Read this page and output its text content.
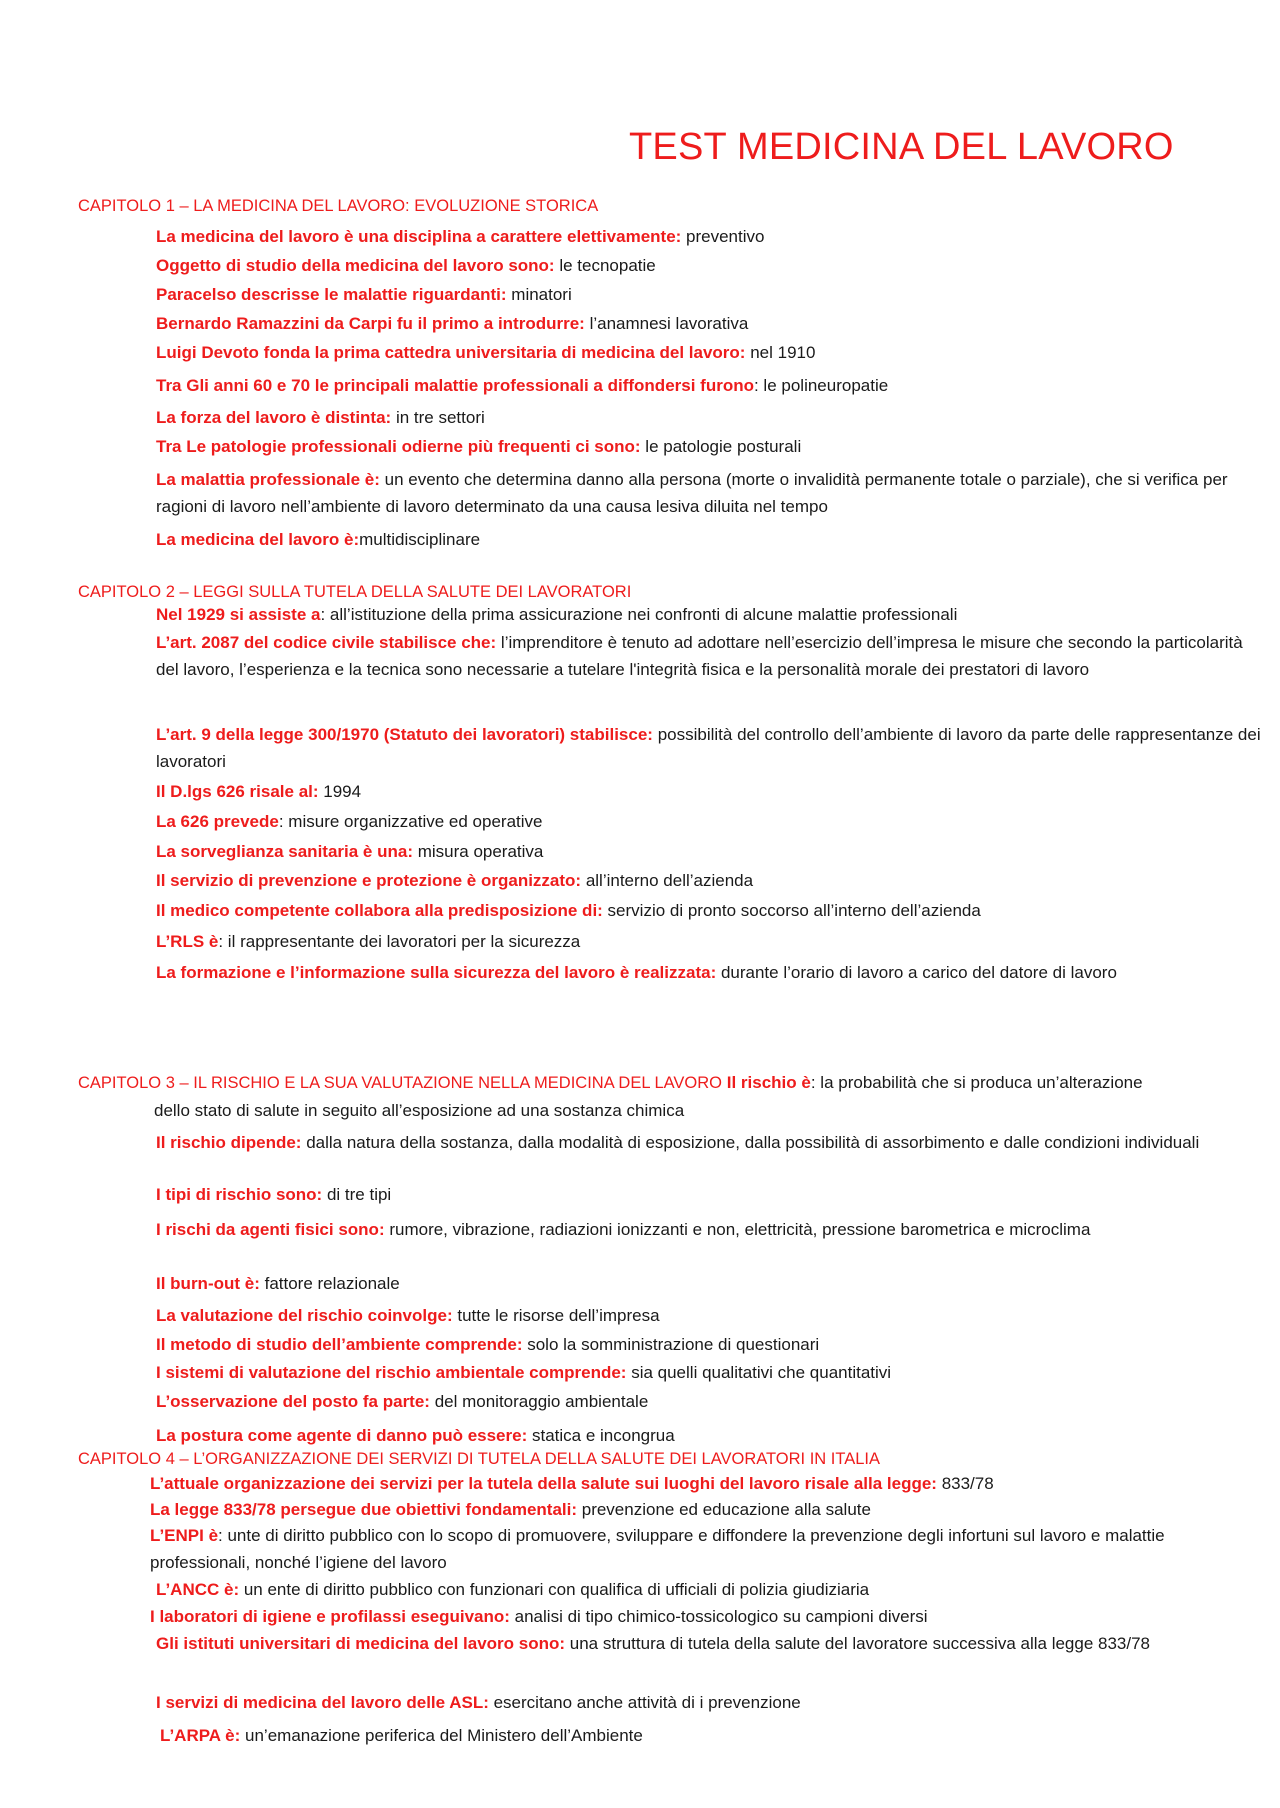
TEST MEDICINA DEL LAVORO
CAPITOLO 1 – LA MEDICINA DEL LAVORO: EVOLUZIONE STORICA
La medicina del lavoro è una disciplina a carattere elettivamente: preventivo
Oggetto di studio della medicina del lavoro sono: le tecnopatie
Paracelso descrisse le malattie riguardanti: minatori
Bernardo Ramazzini da Carpi fu il primo a introdurre: l’anamnesi lavorativa
Luigi Devoto fonda la prima cattedra universitaria di medicina del lavoro: nel 1910
Tra Gli anni 60 e 70 le principali malattie professionali a diffondersi furono: le polineuropatie
La forza del lavoro è distinta: in tre settori
Tra Le patologie professionali odierne più frequenti ci sono: le patologie posturali
La malattia professionale è: un evento che determina danno alla persona (morte o invalidità permanente totale o parziale), che si verifica per ragioni di lavoro nell’ambiente di lavoro determinato da una causa lesiva diluita nel tempo
La medicina del lavoro è:multidisciplinare
CAPITOLO 2 – LEGGI SULLA TUTELA DELLA SALUTE DEI LAVORATORI
Nel 1929 si assiste a: all’istituzione della prima assicurazione nei confronti di alcune malattie professionali
L’art. 2087 del codice civile stabilisce che: l’imprenditore è tenuto ad adottare nell’esercizio dell’impresa le misure che secondo la particolarità del lavoro, l’esperienza e la tecnica sono necessarie a tutelare l'integrità fisica e la personalità morale dei prestatori di lavoro
L’art. 9 della legge 300/1970 (Statuto dei lavoratori) stabilisce: possibilità del controllo dell’ambiente di lavoro da parte delle rappresentanze dei lavoratori
Il D.lgs 626 risale al: 1994
La 626 prevede: misure organizzative ed operative
La sorveglianza sanitaria è una: misura operativa
Il servizio di prevenzione e protezione è organizzato: all’interno dell’azienda
Il medico competente collabora alla predisposizione di: servizio di pronto soccorso all’interno dell’azienda
L’RLS è: il rappresentante dei lavoratori per la sicurezza
La formazione e l’informazione sulla sicurezza del lavoro è realizzata: durante l’orario di lavoro a carico del datore di lavoro
CAPITOLO 3 – IL RISCHIO E LA SUA VALUTAZIONE NELLA MEDICINA DEL LAVORO Il rischio è: la probabilità che si produca un’alterazione
dello stato di salute in seguito all’esposizione ad una sostanza chimica
Il rischio dipende: dalla natura della sostanza, dalla modalità di esposizione, dalla possibilità di assorbimento e dalle condizioni individuali
I tipi di rischio sono: di tre tipi
I rischi da agenti fisici sono: rumore, vibrazione, radiazioni ionizzanti e non, elettricità, pressione barometrica e microclima
Il burn-out è: fattore relazionale
La valutazione del rischio coinvolge: tutte le risorse dell’impresa
Il metodo di studio dell’ambiente comprende: solo la somministrazione di questionari
I sistemi di valutazione del rischio ambientale comprende: sia quelli qualitativi che quantitativi
L’osservazione del posto fa parte: del monitoraggio ambientale
La postura come agente di danno può essere: statica e incongrua
CAPITOLO 4 – L’ORGANIZZAZIONE DEI SERVIZI DI TUTELA DELLA SALUTE DEI LAVORATORI IN ITALIA
L’attuale organizzazione dei servizi per la tutela della salute sui luoghi del lavoro risale alla legge: 833/78
La legge 833/78 persegue due obiettivi fondamentali: prevenzione ed educazione alla salute
L’ENPI è: unte di diritto pubblico con lo scopo di promuovere, sviluppare e diffondere la prevenzione degli infortuni sul lavoro e malattie professionali, nonché l’igiene del lavoro
L’ANCC è: un ente di diritto pubblico con funzionari con qualifica di ufficiali di polizia giudiziaria
I laboratori di igiene e profilassi eseguivano: analisi di tipo chimico-tossicologico su campioni diversi
Gli istituti universitari di medicina del lavoro sono: una struttura di tutela della salute del lavoratore successiva alla legge 833/78
I servizi di medicina del lavoro delle ASL: esercitano anche attività di i prevenzione
L’ARPA è: un’emanazione periferica del Ministero dell’Ambiente
